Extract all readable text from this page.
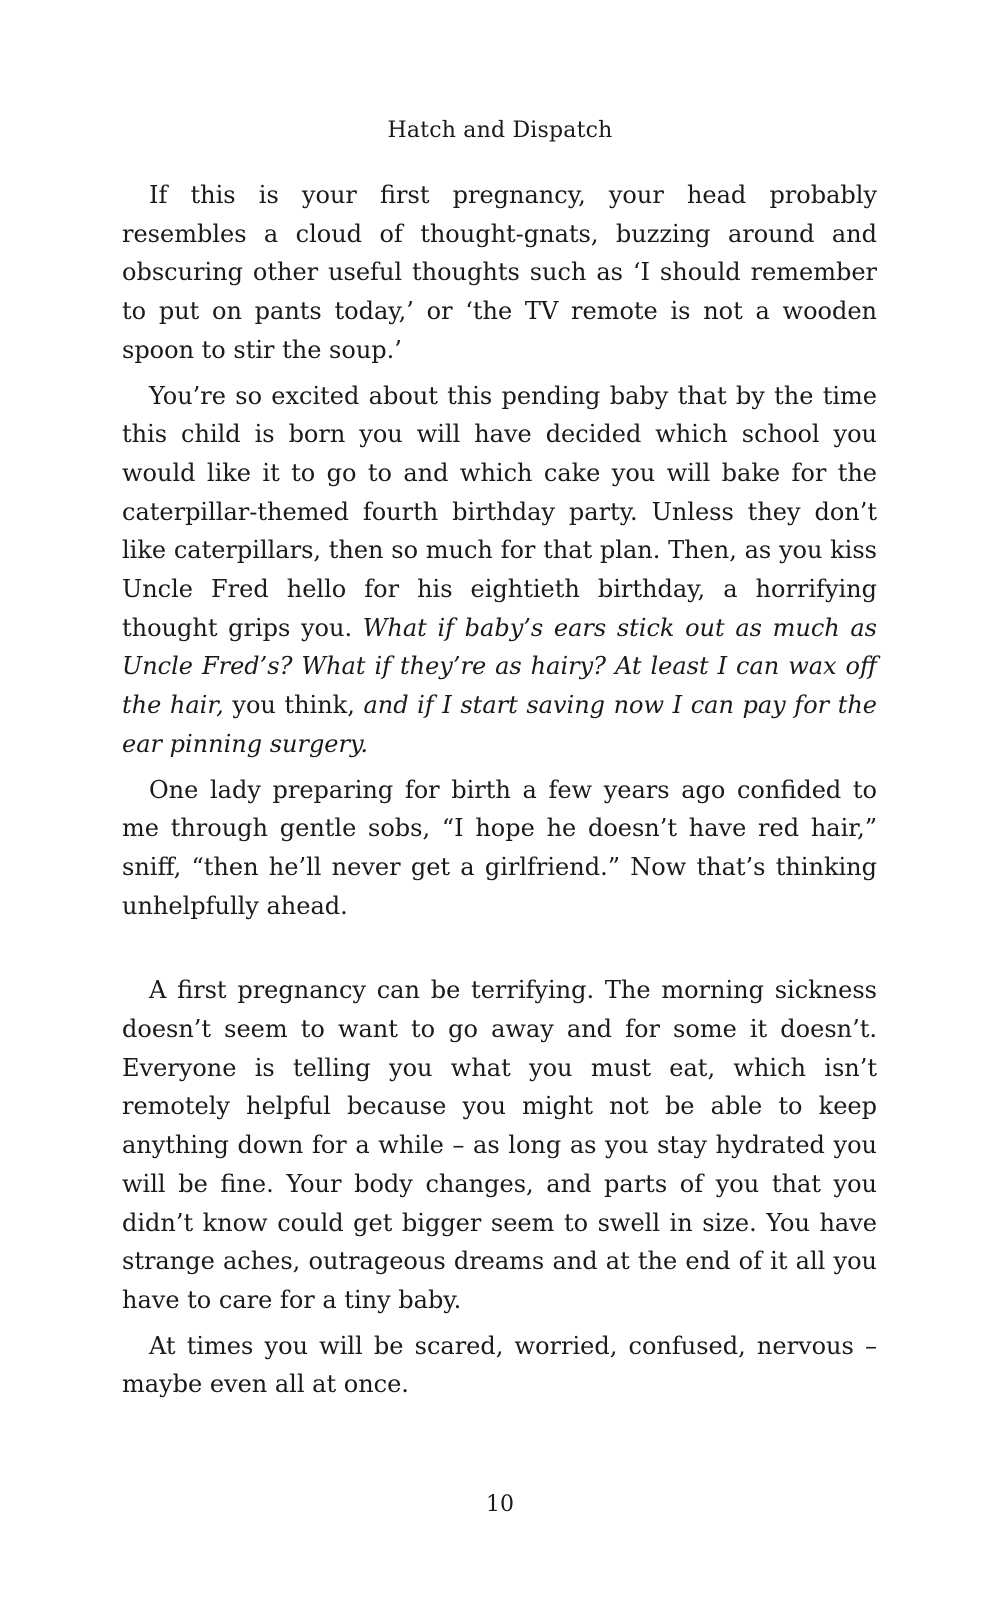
Hatch and Dispatch

If this is your first pregnancy, your head probably resembles a cloud of thought-gnats, buzzing around and obscuring other useful thoughts such as ‘I should remember to put on pants today,’ or ‘the TV remote is not a wooden spoon to stir the soup.’

You’re so excited about this pending baby that by the time this child is born you will have decided which school you would like it to go to and which cake you will bake for the caterpillar-themed fourth birthday party. Unless they don’t like caterpillars, then so much for that plan. Then, as you kiss Uncle Fred hello for his eightieth birthday, a horrifying thought grips you. What if baby’s ears stick out as much as Uncle Fred’s? What if they’re as hairy? At least I can wax off the hair, you think, and if I start saving now I can pay for the ear pinning surgery.

One lady preparing for birth a few years ago confided to me through gentle sobs, “I hope he doesn’t have red hair,” sniff, “then he’ll never get a girlfriend.” Now that’s thinking unhelpfully ahead.

A first pregnancy can be terrifying. The morning sickness doesn’t seem to want to go away and for some it doesn’t. Everyone is telling you what you must eat, which isn’t remotely helpful because you might not be able to keep anything down for a while – as long as you stay hydrated you will be fine. Your body changes, and parts of you that you didn’t know could get bigger seem to swell in size. You have strange aches, outrageous dreams and at the end of it all you have to care for a tiny baby.

At times you will be scared, worried, confused, nervous – maybe even all at once.

10
